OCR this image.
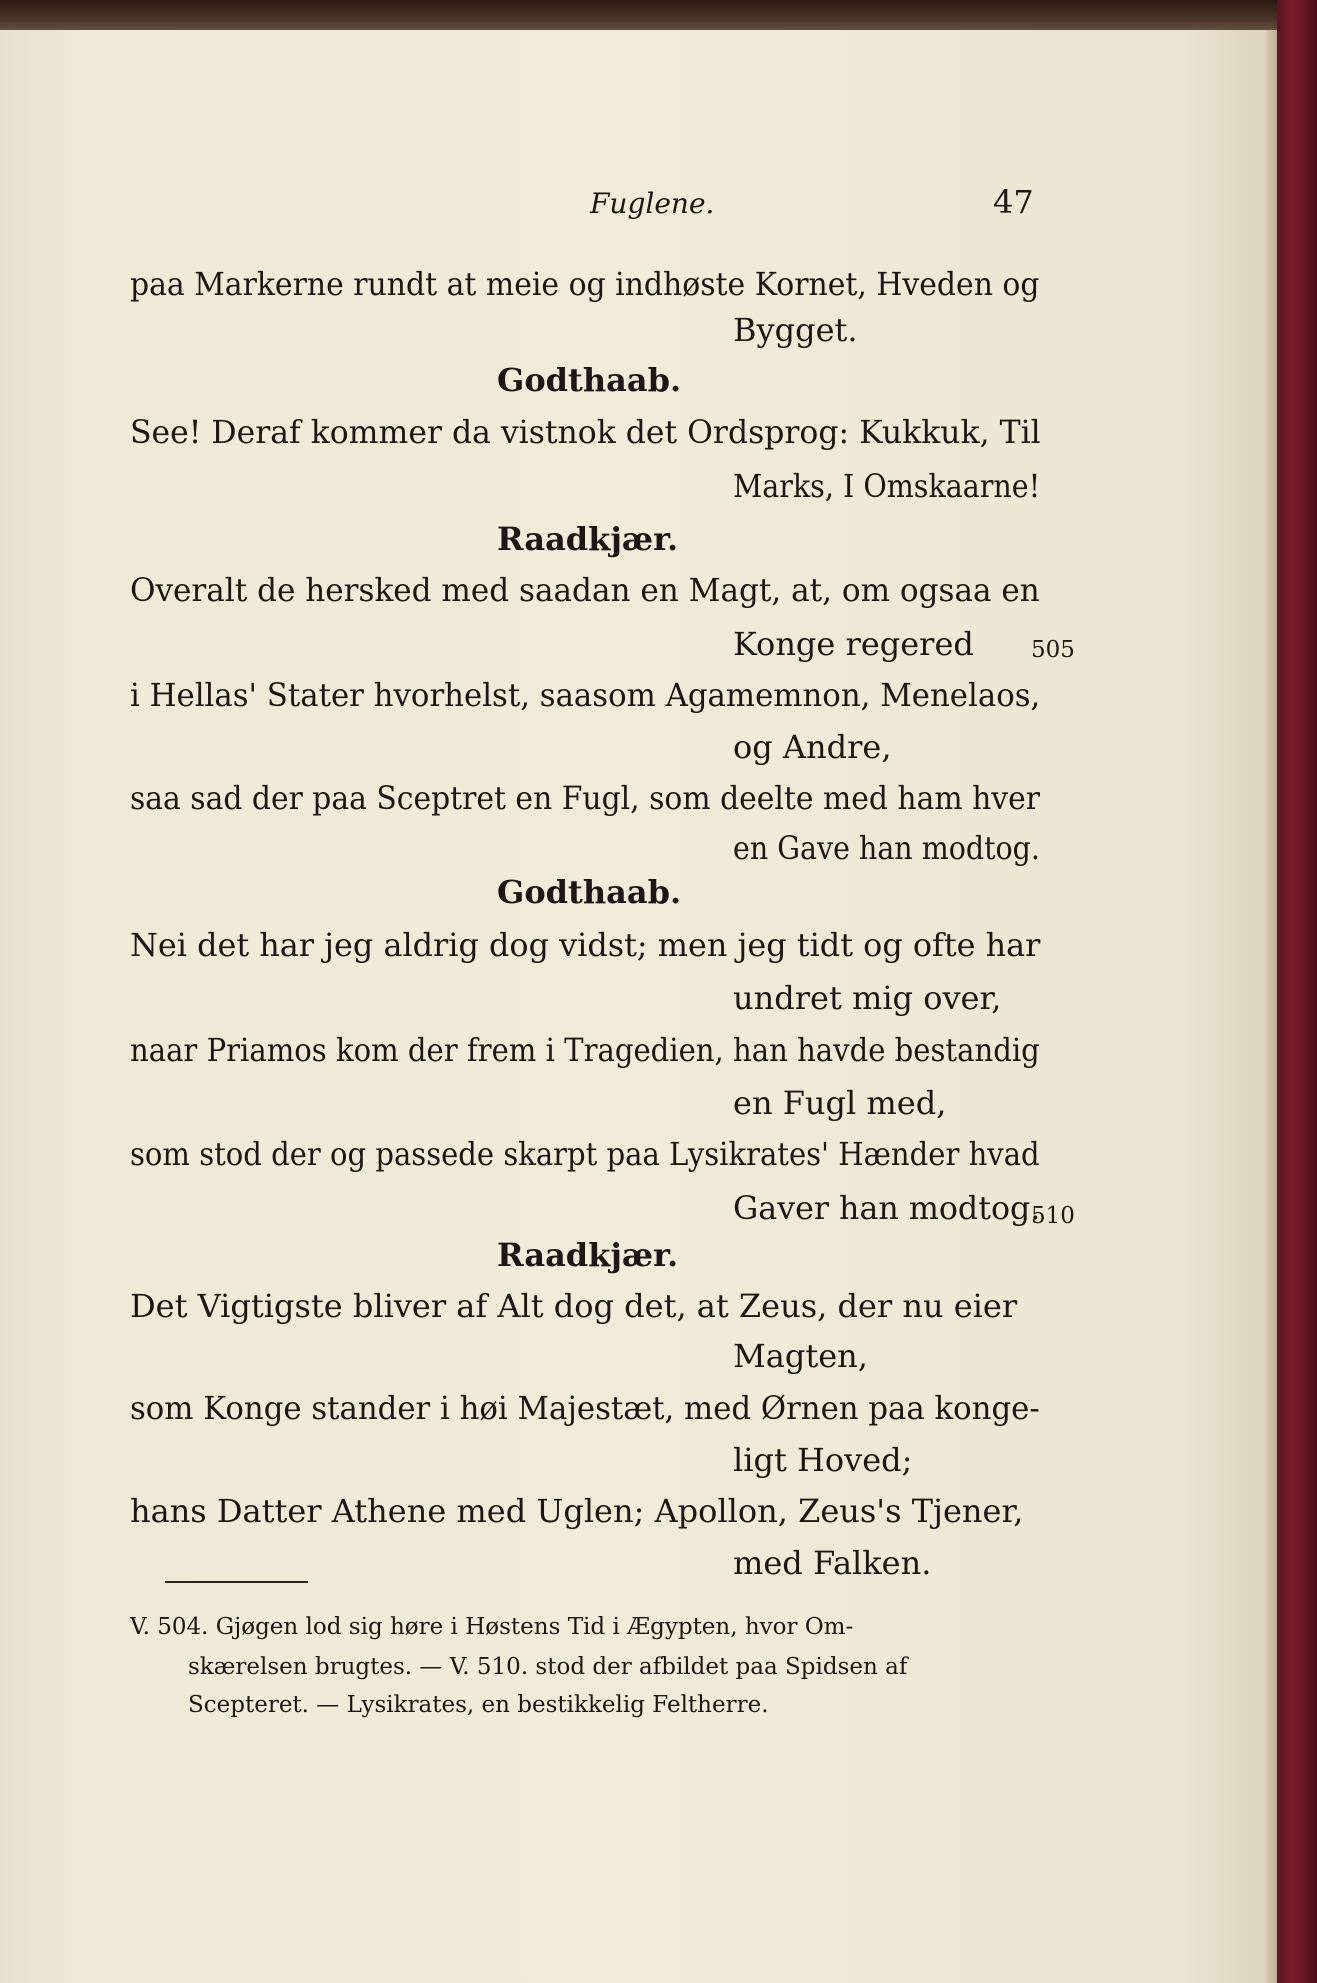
Fuglene.	47
paa Markerne rundt at meie og indhøste Kornet, Hveden og
Bygget.
Godthaab.
See! Deraf kommer da vistnok det Ordsprog: Kukkuk, Til
Marks, I Omskaarne!
Raadkjær.
Overalt de hersked med saadan en Magt, at, om ogsaa en
Konge regered 505
i Hellas' Stater hvorhelst, saasom Agamemnon, Menelaos,
og Andre,
saa sad der paa Sceptret en Fugl, som deelte med ham hver
en Gave han modtog.
Godthaab.
Nei det har jeg aldrig dog vidst; men jeg tidt og ofte har
undret mig over,
naar Priamos kom der frem i Tragedien, han havde bestandig
en Fugl med,
som stod der og passede skarpt paa Lysikrates' Hænder hvad
Gaver han modtog.
510
Raadkjær.
Det Vigtigste bliver af Alt dog det, at Zeus, der nu eier
Magten,
som Konge stander i høi Majestæt, med Ørnen paa konge-
ligt Hoved;
hans Datter Athene med Uglen; Apollon, Zeus's Tjener,
med Falken.
V. 504. Gjøgen lod sig høre i Høstens Tid i Ægypten, hvor Om-
skærelsen brugtes. — V. 510. stod der afbildet paa Spidsen af
Scepteret. — Lysikrates, en bestikkelig Feltherre.
